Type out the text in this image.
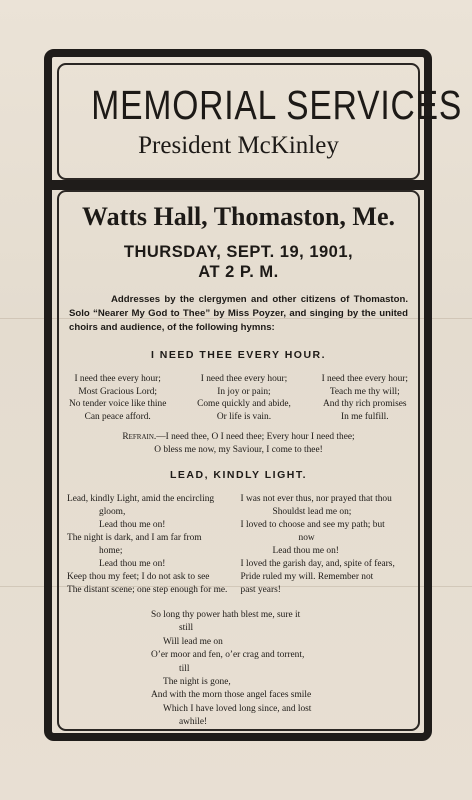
MEMORIAL SERVICES
President McKinley
Watts Hall, Thomaston, Me.
THURSDAY, SEPT. 19, 1901,
AT 2 P. M.
Addresses by the clergymen and other citizens of Thomaston. Solo “Nearer My God to Thee” by Miss Poyzer, and singing by the united choirs and audience, of the following hymns:
I NEED THEE EVERY HOUR.
I need thee every hour;
Most Gracious Lord;
No tender voice like thine
Can peace afford.
I need thee every hour;
In joy or pain;
Come quickly and abide,
Or life is vain.
I need thee every hour;
Teach me thy will;
And thy rich promises
In me fulfill.
Refrain.—I need thee, O I need thee; Every hour I need thee;
O bless me now, my Saviour, I come to thee!
LEAD, KINDLY LIGHT.
Lead, kindly Light, amid the encircling
gloom,
Lead thou me on!
The night is dark, and I am far from
home;
Lead thou me on!
Keep thou my feet; I do not ask to see
The distant scene; one step enough for me.
I was not ever thus, nor prayed that thou
Shouldst lead me on;
I loved to choose and see my path; but
now
Lead thou me on!
I loved the garish day, and, spite of fears,
Pride ruled my will. Remember not
past years!
So long thy power hath blest me, sure it
still
Will lead me on
O’er moor and fen, o’er crag and torrent,
till
The night is gone,
And with the morn those angel faces smile
Which I have loved long since, and lost
awhile!
